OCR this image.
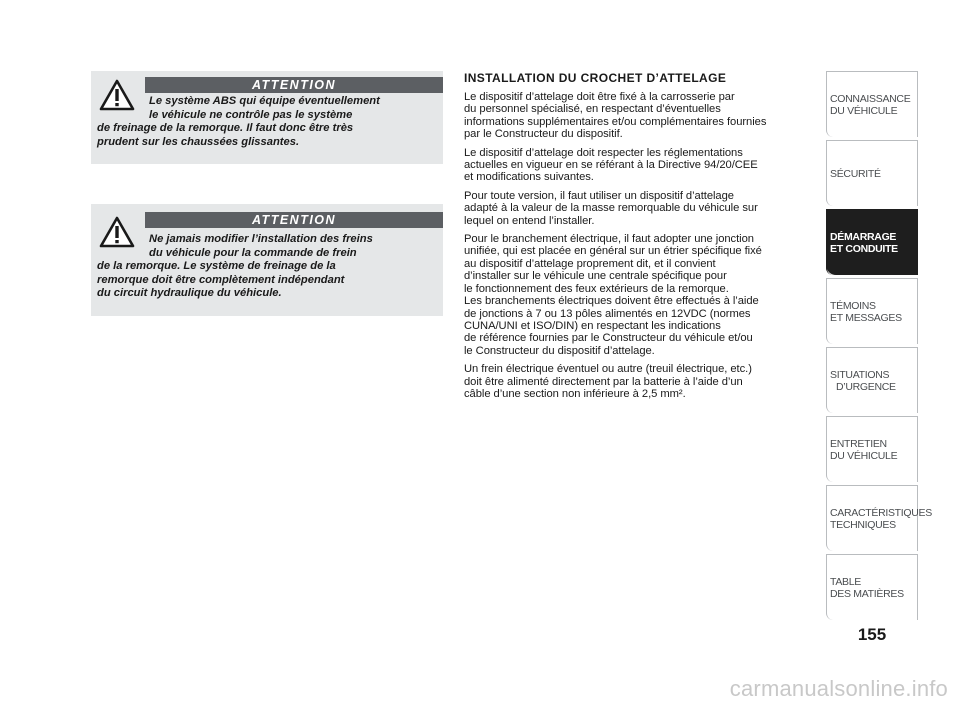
ATTENTION
Le système ABS qui équipe éventuellement
le véhicule ne contrôle pas le système
de freinage de la remorque. Il faut donc être très
prudent sur les chaussées glissantes.
ATTENTION
Ne jamais modifier l’installation des freins
du véhicule pour la commande de frein
de la remorque. Le système de freinage de la
remorque doit être complètement indépendant
du circuit hydraulique du véhicule.
INSTALLATION DU CROCHET D’ATTELAGE

Le dispositif d’attelage doit être fixé à la carrosserie par
du personnel spécialisé, en respectant d’éventuelles
informations supplémentaires et/ou complémentaires fournies
par le Constructeur du dispositif.

Le dispositif d’attelage doit respecter les réglementations
actuelles en vigueur en se référant à la Directive 94/20/CEE
et modifications suivantes.

Pour toute version, il faut utiliser un dispositif d’attelage
adapté à la valeur de la masse remorquable du véhicule sur
lequel on entend l’installer.

Pour le branchement électrique, il faut adopter une jonction
unifiée, qui est placée en général sur un étrier spécifique fixé
au dispositif d’attelage proprement dit, et il convient
d’installer sur le véhicule une centrale spécifique pour
le fonctionnement des feux extérieurs de la remorque.
Les branchements électriques doivent être effectués à l’aide
de jonctions à 7 ou 13 pôles alimentés en 12VDC (normes
CUNA/UNI et ISO/DIN) en respectant les indications
de référence fournies par le Constructeur du véhicule et/ou
le Constructeur du dispositif d’attelage.

Un frein électrique éventuel ou autre (treuil électrique, etc.)
doit être alimenté directement par la batterie à l’aide d’un
câble d’une section non inférieure à 2,5 mm².

CONNAISSANCE
DU VÉHICULE
SÉCURITÉ
DÉMARRAGE
ET CONDUITE
TÉMOINS
ET MESSAGES
SITUATIONS
D’URGENCE
ENTRETIEN
DU VÉHICULE
CARACTÉRISTIQUES
TECHNIQUES
TABLE
DES MATIÈRES
155
carmanualsonline.info
